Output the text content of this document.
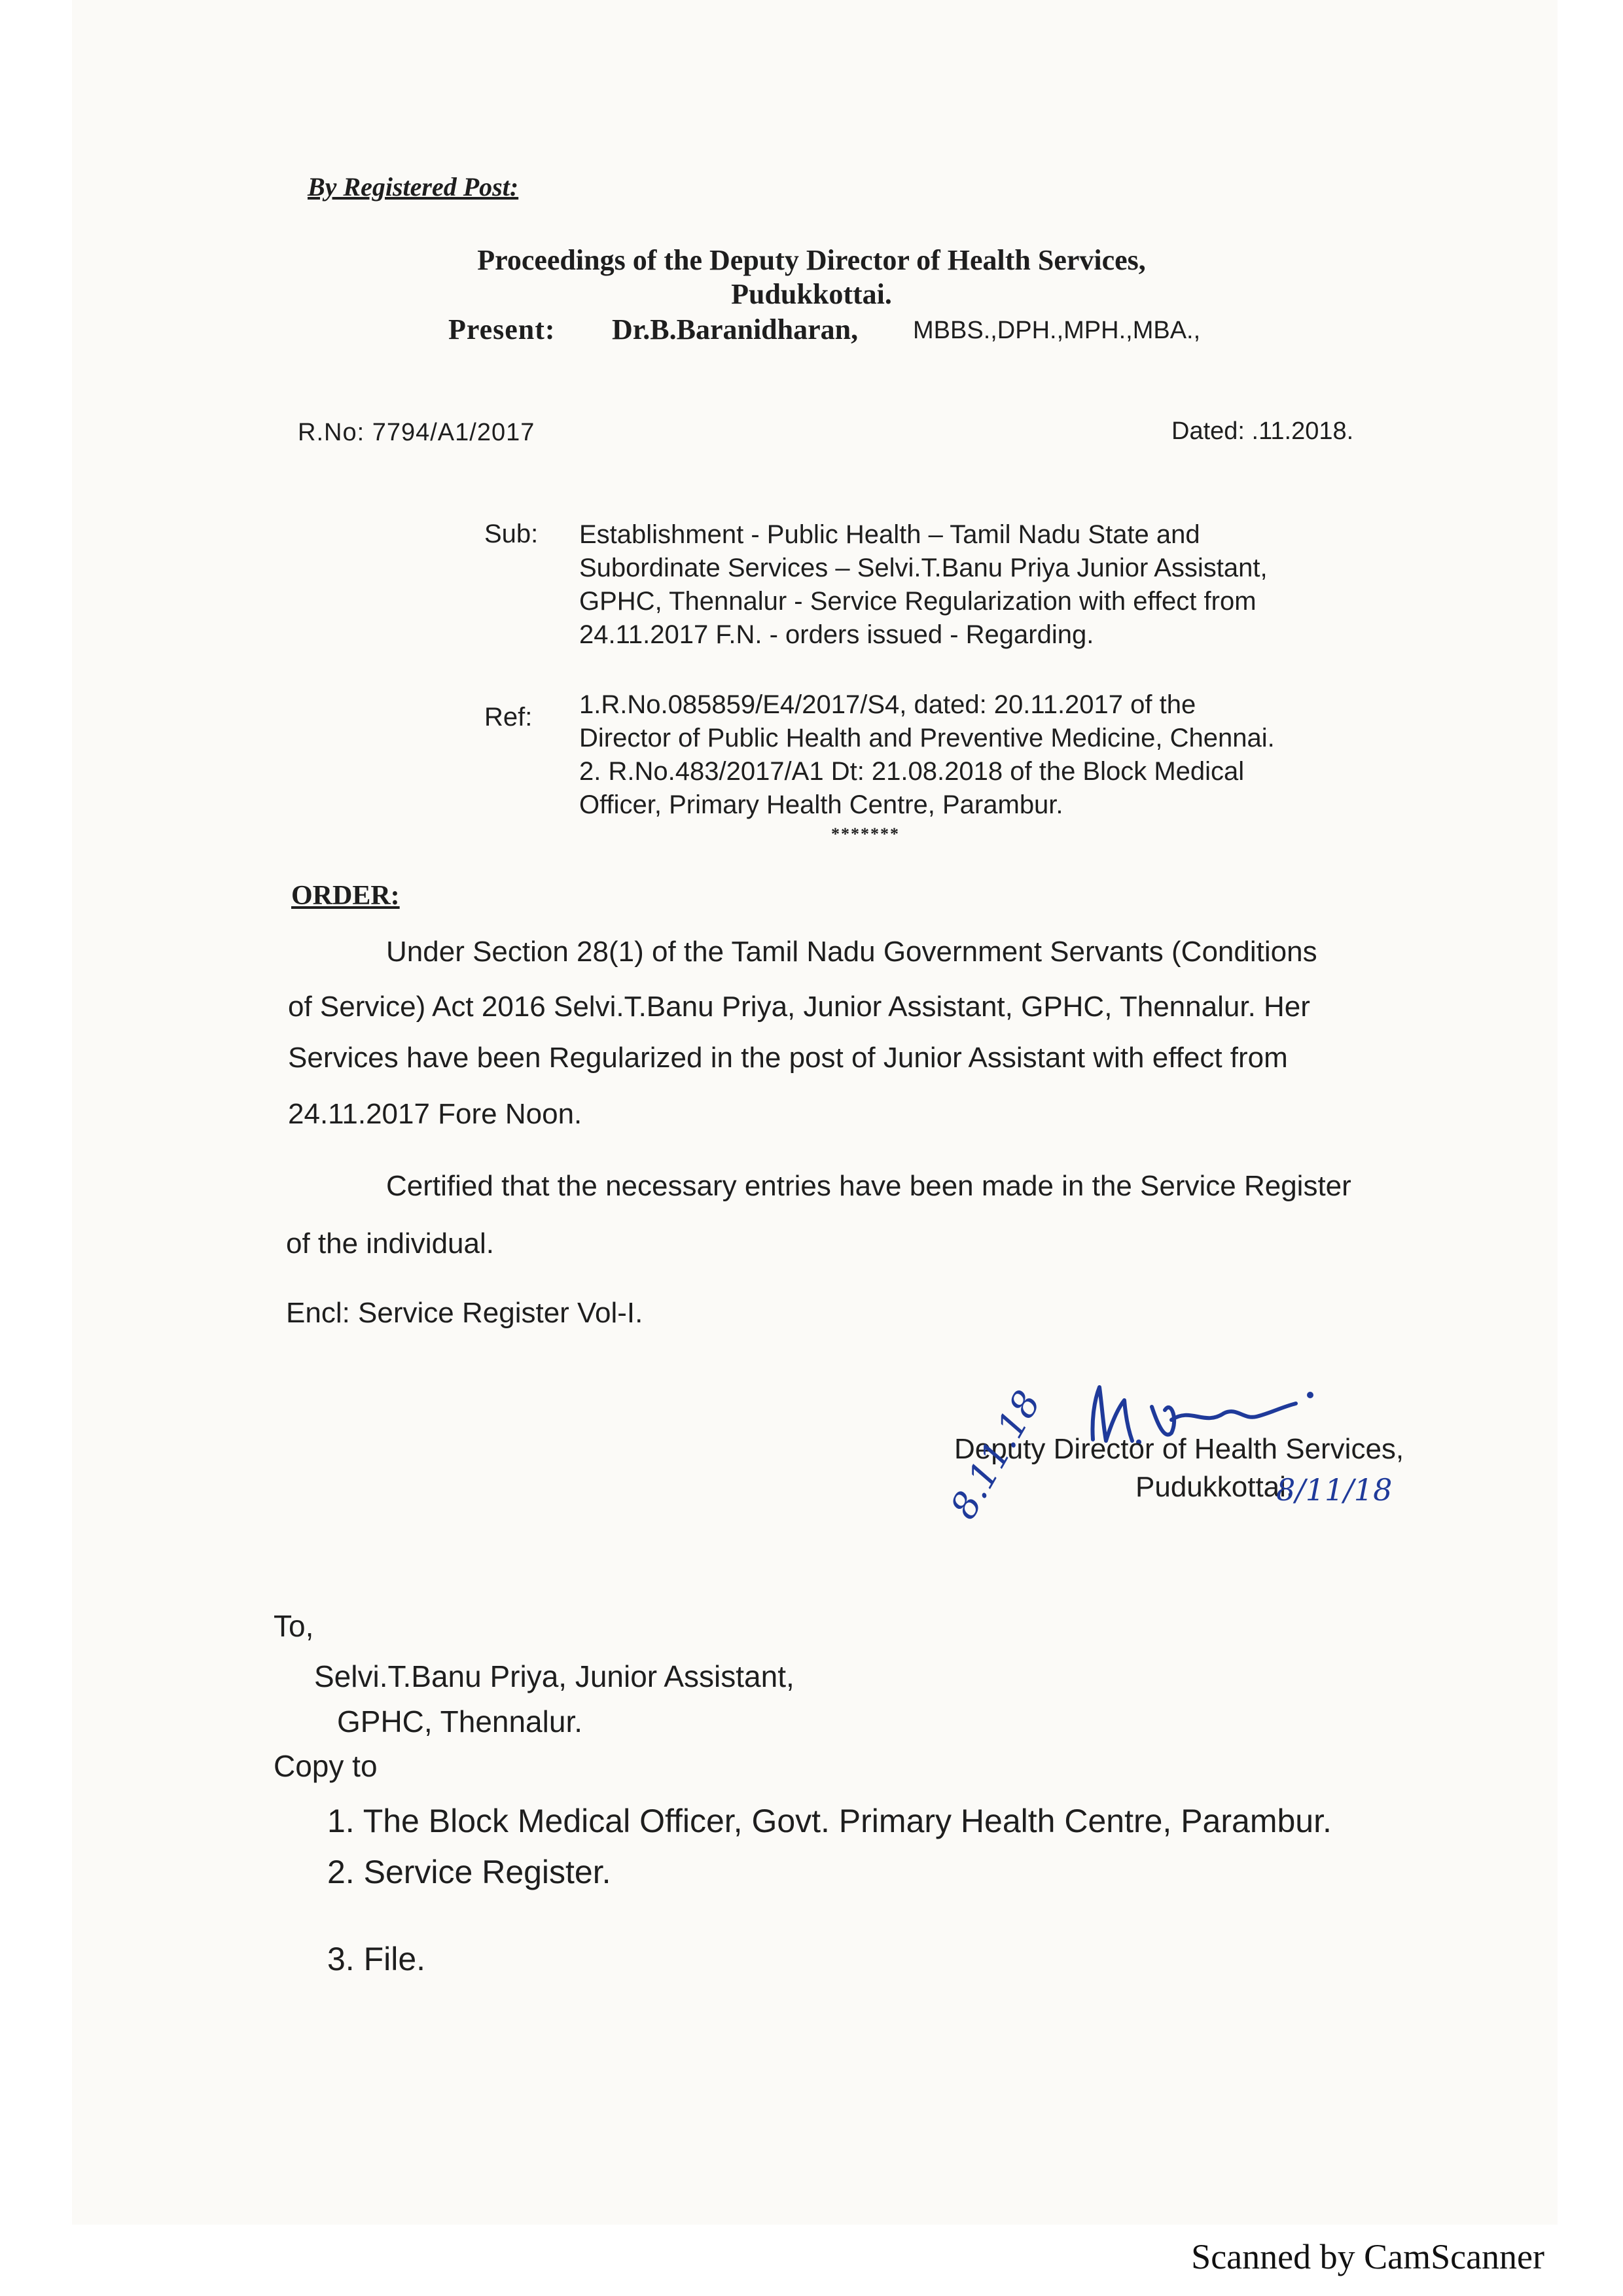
By Registered Post:
Proceedings of the Deputy Director of Health Services,
Pudukkottai.
Present: Dr.B.Baranidharan, MBBS.,DPH.,MPH.,MBA.,
R.No: 7794/A1/2017	Dated: .11.2018.
Sub: Establishment - Public Health – Tamil Nadu State and
Subordinate Services – Selvi.T.Banu Priya Junior Assistant,
GPHC, Thennalur - Service Regularization with effect from
24.11.2017 F.N. - orders issued - Regarding.
Ref: 1.R.No.085859/E4/2017/S4, dated: 20.11.2017 of the
Director of Public Health and Preventive Medicine, Chennai.
2. R.No.483/2017/A1 Dt: 21.08.2018 of the Block Medical
Officer, Primary Health Centre, Parambur.
*******
ORDER:
Under Section 28(1) of the Tamil Nadu Government Servants (Conditions
of Service) Act 2016 Selvi.T.Banu Priya, Junior Assistant, GPHC, Thennalur. Her
Services have been Regularized in the post of Junior Assistant with effect from
24.11.2017 Fore Noon.
Certified that the necessary entries have been made in the Service Register
of the individual.
Encl: Service Register Vol-I.
Deputy Director of Health Services,
Pudukkottai.
8/11/18
8.11.18
To,
Selvi.T.Banu Priya, Junior Assistant,
GPHC, Thennalur.
Copy to
1. The Block Medical Officer, Govt. Primary Health Centre, Parambur.
2. Service Register.
3. File.
Scanned by CamScanner
